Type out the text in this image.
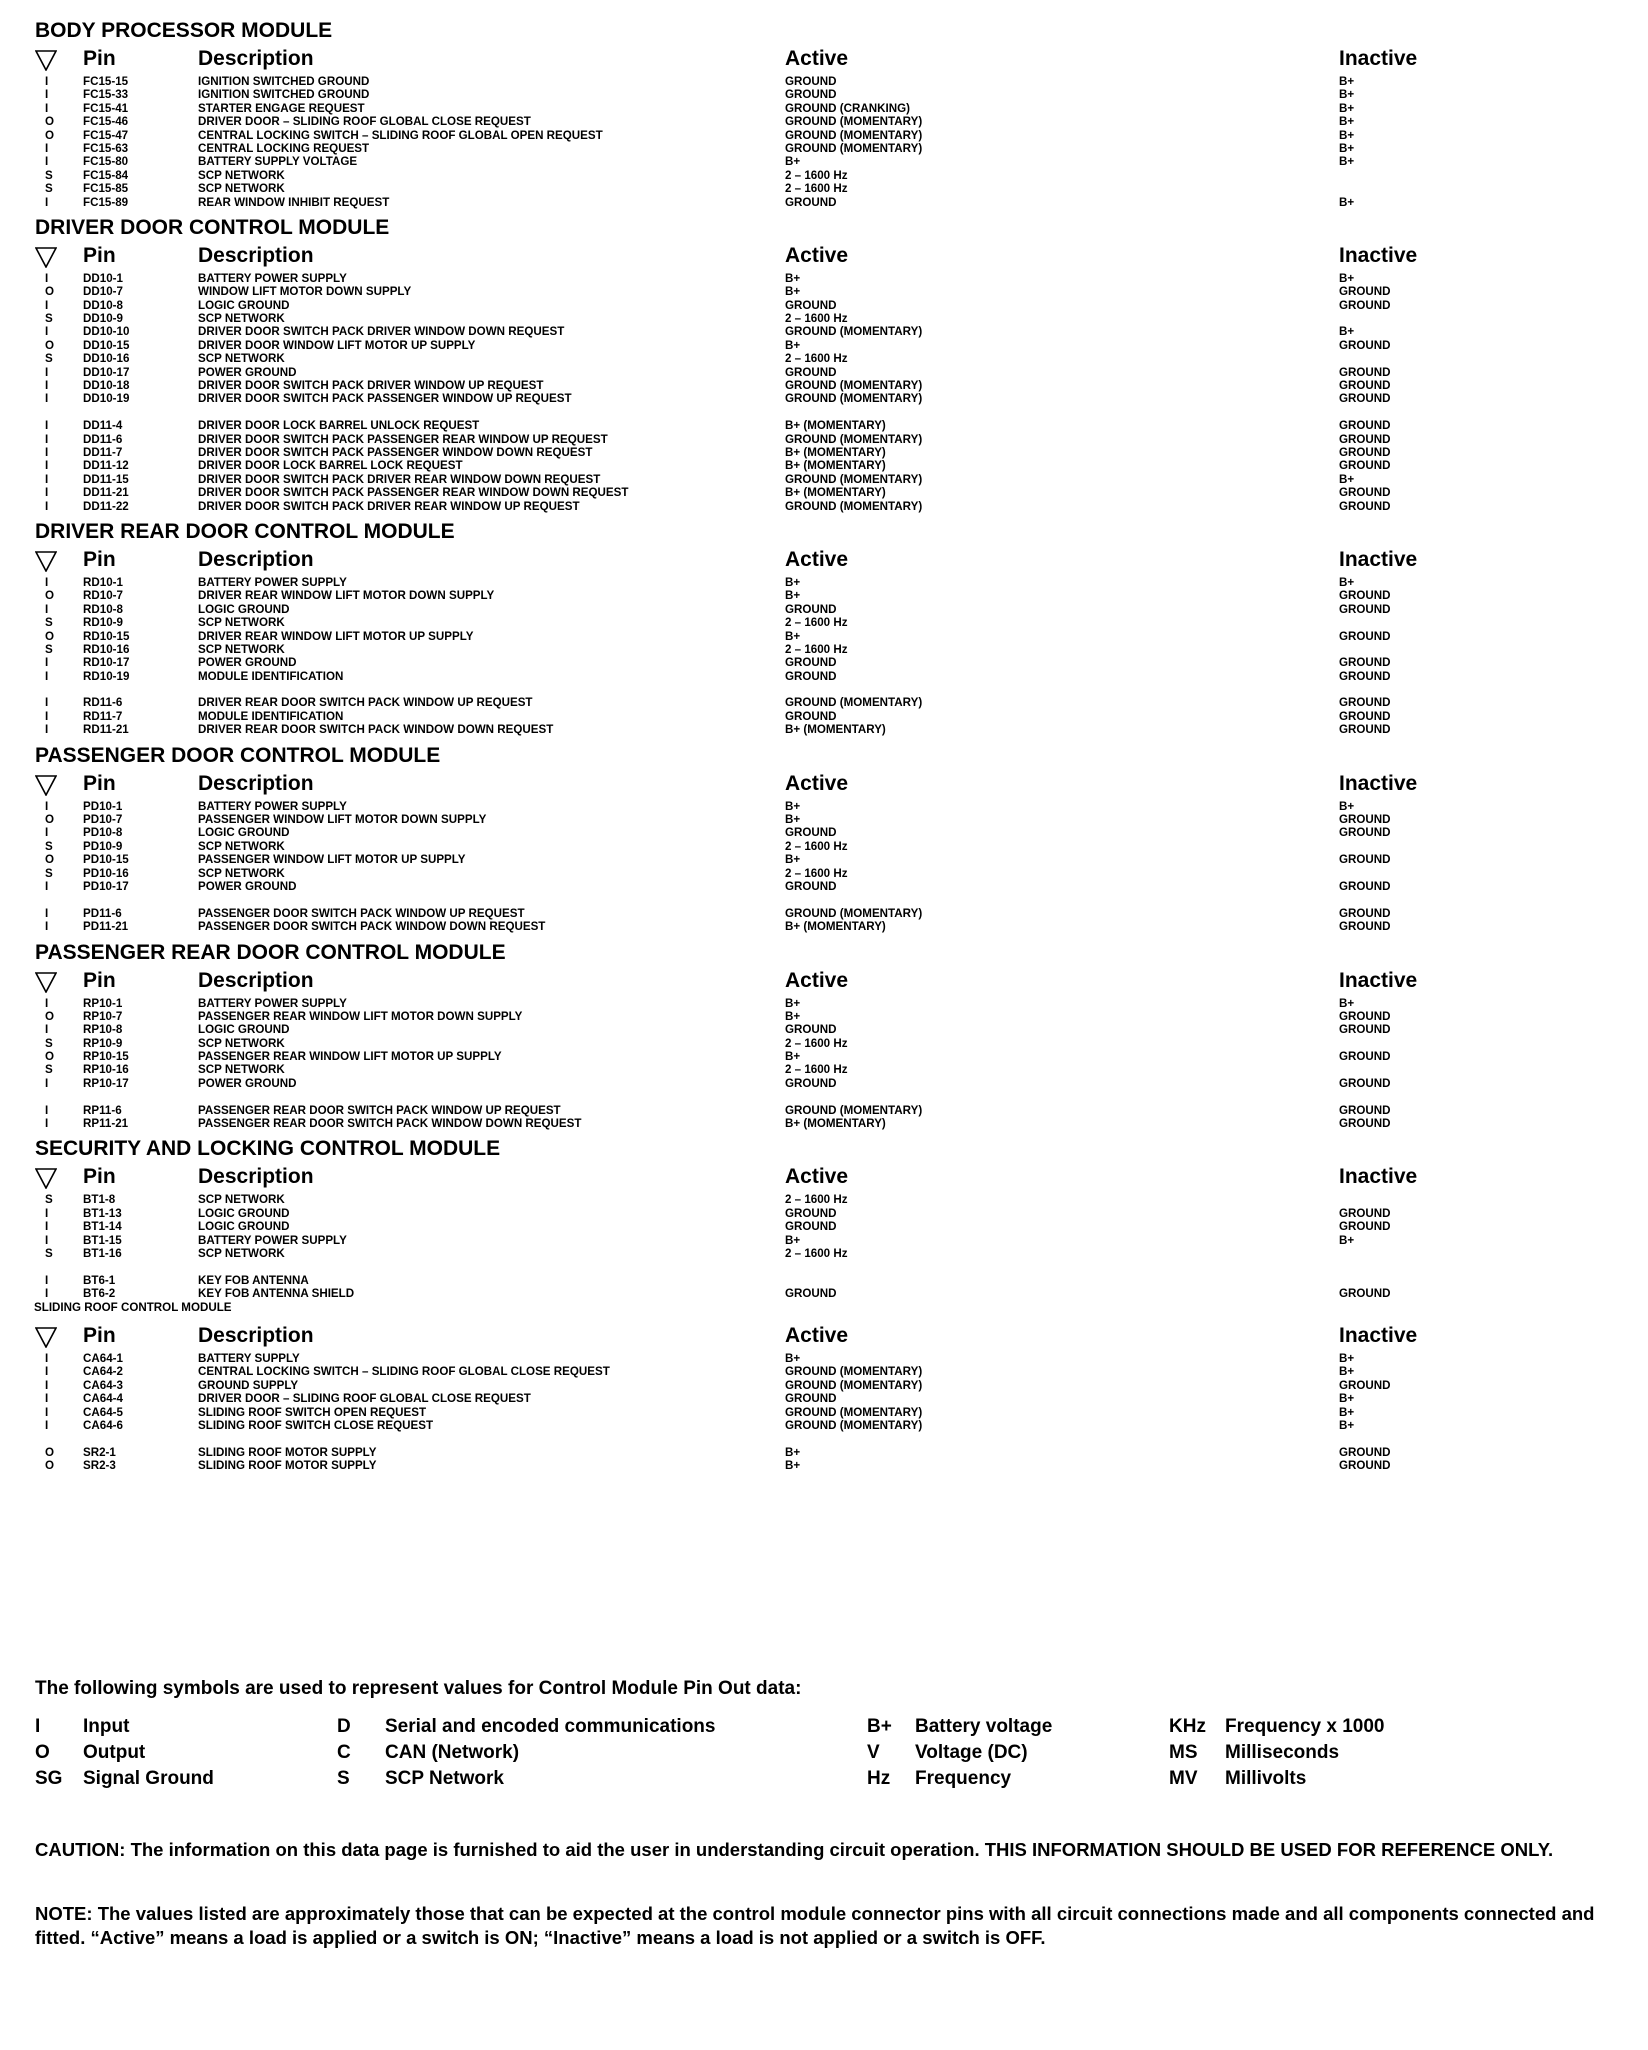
BODY PROCESSOR MODULE
Pin	Description	Active	Inactive
I	FC15-15	IGNITION SWITCHED GROUND	GROUND	B+
I	FC15-33	IGNITION SWITCHED GROUND	GROUND	B+
I	FC15-41	STARTER ENGAGE REQUEST	GROUND (CRANKING)	B+
O FC15-46	DRIVER DOOR – SLIDING ROOF GLOBAL CLOSE REQUEST	GROUND (MOMENTARY)	B+
O FC15-47	CENTRAL LOCKING SWITCH – SLIDING ROOF GLOBAL OPEN REQUEST	GROUND (MOMENTARY)	B+
I	FC15-63	CENTRAL LOCKING REQUEST	GROUND (MOMENTARY)	B+
I	FC15-80	BATTERY SUPPLY VOLTAGE	B+	B+
S	FC15-84	SCP NETWORK	2 – 1600 Hz
S	FC15-85	SCP NETWORK	2 – 1600 Hz
I	FC15-89	REAR WINDOW INHIBIT REQUEST	GROUND	B+
DRIVER DOOR CONTROL MODULE
Pin	Description	Active	Inactive
I	DD10-1	BATTERY POWER SUPPLY	B+	B+
O DD10-7	WINDOW LIFT MOTOR DOWN SUPPLY	B+	GROUND
I	DD10-8	LOGIC GROUND	GROUND	GROUND
S	DD10-9	SCP NETWORK	2 – 1600 Hz
I	DD10-10	DRIVER DOOR SWITCH PACK DRIVER WINDOW DOWN REQUEST	GROUND (MOMENTARY)	B+
O DD10-15	DRIVER DOOR WINDOW LIFT MOTOR UP SUPPLY	B+	GROUND
S	DD10-16	SCP NETWORK	2 – 1600 Hz
I	DD10-17	POWER GROUND	GROUND	GROUND
I	DD10-18	DRIVER DOOR SWITCH PACK DRIVER WINDOW UP REQUEST	GROUND (MOMENTARY)	GROUND
I	DD10-19	DRIVER DOOR SWITCH PACK PASSENGER WINDOW UP REQUEST	GROUND (MOMENTARY)	GROUND
I	DD11-4	DRIVER DOOR LOCK BARREL UNLOCK REQUEST	B+ (MOMENTARY)	GROUND
I	DD11-6	DRIVER DOOR SWITCH PACK PASSENGER REAR WINDOW UP REQUEST	GROUND (MOMENTARY)	GROUND
I	DD11-7	DRIVER DOOR SWITCH PACK PASSENGER WINDOW DOWN REQUEST	B+ (MOMENTARY)	GROUND
I	DD11-12	DRIVER DOOR LOCK BARREL LOCK REQUEST	B+ (MOMENTARY)	GROUND
I	DD11-15	DRIVER DOOR SWITCH PACK DRIVER REAR WINDOW DOWN REQUEST	GROUND (MOMENTARY)	B+
I	DD11-21	DRIVER DOOR SWITCH PACK PASSENGER REAR WINDOW DOWN REQUEST	B+ (MOMENTARY)	GROUND
I	DD11-22	DRIVER DOOR SWITCH PACK DRIVER REAR WINDOW UP REQUEST	GROUND (MOMENTARY)	GROUND
DRIVER REAR DOOR CONTROL MODULE
Pin	Description	Active	Inactive
I	RD10-1	BATTERY POWER SUPPLY	B+	B+
O RD10-7	DRIVER REAR WINDOW LIFT MOTOR DOWN SUPPLY	B+	GROUND
I	RD10-8	LOGIC GROUND	GROUND	GROUND
S	RD10-9	SCP NETWORK	2 – 1600 Hz
O RD10-15	DRIVER REAR WINDOW LIFT MOTOR UP SUPPLY	B+	GROUND
S	RD10-16	SCP NETWORK	2 – 1600 Hz
I	RD10-17	POWER GROUND	GROUND	GROUND
I	RD10-19	MODULE IDENTIFICATION	GROUND	GROUND
I	RD11-6	DRIVER REAR DOOR SWITCH PACK WINDOW UP REQUEST	GROUND (MOMENTARY)	GROUND
I	RD11-7	MODULE IDENTIFICATION	GROUND	GROUND
I	RD11-21	DRIVER REAR DOOR SWITCH PACK WINDOW DOWN REQUEST	B+ (MOMENTARY)	GROUND
PASSENGER DOOR CONTROL MODULE
Pin	Description	Active	Inactive
I	PD10-1	BATTERY POWER SUPPLY	B+	B+
O PD10-7	PASSENGER WINDOW LIFT MOTOR DOWN SUPPLY	B+	GROUND
I	PD10-8	LOGIC GROUND	GROUND	GROUND
S	PD10-9	SCP NETWORK	2 – 1600 Hz
O PD10-15	PASSENGER WINDOW LIFT MOTOR UP SUPPLY	B+	GROUND
S	PD10-16	SCP NETWORK	2 – 1600 Hz
I	PD10-17	POWER GROUND	GROUND	GROUND
I	PD11-6	PASSENGER DOOR SWITCH PACK WINDOW UP REQUEST	GROUND (MOMENTARY)	GROUND
I	PD11-21	PASSENGER DOOR SWITCH PACK WINDOW DOWN REQUEST	B+ (MOMENTARY)	GROUND
PASSENGER REAR DOOR CONTROL MODULE
Pin	Description	Active	Inactive
I	RP10-1	BATTERY POWER SUPPLY	B+	B+
O RP10-7	PASSENGER REAR WINDOW LIFT MOTOR DOWN SUPPLY	B+	GROUND
I	RP10-8	LOGIC GROUND	GROUND	GROUND
S	RP10-9	SCP NETWORK	2 – 1600 Hz
O RP10-15	PASSENGER REAR WINDOW LIFT MOTOR UP SUPPLY	B+	GROUND
S	RP10-16	SCP NETWORK	2 – 1600 Hz
I	RP10-17	POWER GROUND	GROUND	GROUND
I	RP11-6	PASSENGER REAR DOOR SWITCH PACK WINDOW UP REQUEST	GROUND (MOMENTARY)	GROUND
I	RP11-21	PASSENGER REAR DOOR SWITCH PACK WINDOW DOWN REQUEST	B+ (MOMENTARY)	GROUND
SECURITY AND LOCKING CONTROL MODULE
Pin	Description	Active	Inactive
S	BT1-8	SCP NETWORK	2 – 1600 Hz
I	BT1-13	LOGIC GROUND	GROUND	GROUND
I	BT1-14	LOGIC GROUND	GROUND	GROUND
I	BT1-15	BATTERY POWER SUPPLY	B+	B+
S	BT1-16	SCP NETWORK	2 – 1600 Hz
I	BT6-1	KEY FOB ANTENNA
I	BT6-2	KEY FOB ANTENNA SHIELD	GROUND	GROUND
SLIDING ROOF CONTROL MODULE
Pin	Description	Active	Inactive
I	CA64-1	BATTERY SUPPLY	B+	B+
I	CA64-2	CENTRAL LOCKING SWITCH – SLIDING ROOF GLOBAL CLOSE REQUEST	GROUND (MOMENTARY)	B+
I	CA64-3	GROUND SUPPLY	GROUND (MOMENTARY)	GROUND
I	CA64-4	DRIVER DOOR – SLIDING ROOF GLOBAL CLOSE REQUEST	GROUND	B+
I	CA64-5	SLIDING ROOF SWITCH OPEN REQUEST	GROUND (MOMENTARY)	B+
I	CA64-6	SLIDING ROOF SWITCH CLOSE REQUEST	GROUND (MOMENTARY)	B+
O SR2-1	SLIDING ROOF MOTOR SUPPLY	B+	GROUND
O SR2-3	SLIDING ROOF MOTOR SUPPLY	B+	GROUND
The following symbols are used to represent values for Control Module Pin Out data:
I Input
O Output
SG Signal Ground
D Serial and encoded communications
C CAN (Network)
S SCP Network
B+ Battery voltage
V Voltage (DC)
Hz Frequency
KHz Frequency x 1000
MS Milliseconds
MV Millivolts
CAUTION: The information on this data page is furnished to aid the user in understanding circuit operation. THIS INFORMATION SHOULD BE USED FOR REFERENCE ONLY.
NOTE: The values listed are approximately those that can be expected at the control module connector pins with all circuit connections made and all components connected and fitted. “Active” means a load is applied or a switch is ON; “Inactive” means a load is not applied or a switch is OFF.
